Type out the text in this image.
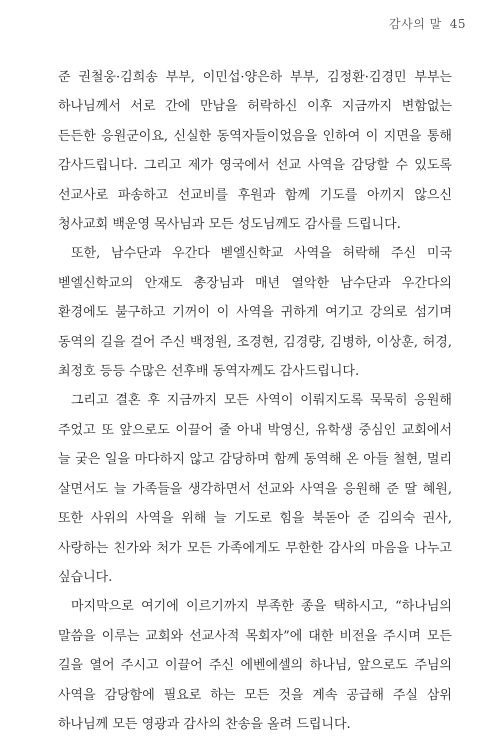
감사의 말 45

준 권철웅·김희송 부부, 이민섭·양은하 부부, 김정환·김경민 부부는 하나님께서 서로 간에 만남을 허락하신 이후 지금까지 변함없는 든든한 응원군이요, 신실한 동역자들이었음을 인하여 이 지면을 통해 감사드립니다. 그리고 제가 영국에서 선교 사역을 감당할 수 있도록 선교사로 파송하고 선교비를 후원과 함께 기도를 아끼지 않으신 청사교회 백운영 목사님과 모든 성도님께도 감사를 드립니다.

또한, 남수단과 우간다 벧엘신학교 사역을 허락해 주신 미국 벧엘신학교의 안재도 총장님과 매년 열악한 남수단과 우간다의 환경에도 불구하고 기꺼이 이 사역을 귀하게 여기고 강의로 섬기며 동역의 길을 걸어 주신 백정원, 조경현, 김경량, 김병하, 이상훈, 허경, 최정호 등등 수많은 선후배 동역자께도 감사드립니다.

그리고 결혼 후 지금까지 모든 사역이 이뤄지도록 묵묵히 응원해 주었고 또 앞으로도 이끌어 줄 아내 박영신, 유학생 중심인 교회에서 늘 궂은 일을 마다하지 않고 감당하며 함께 동역해 온 아들 철현, 멀리 살면서도 늘 가족들을 생각하면서 선교와 사역을 응원해 준 딸 혜원, 또한 사위의 사역을 위해 늘 기도로 힘을 북돋아 준 김의숙 권사, 사랑하는 친가와 처가 모든 가족에게도 무한한 감사의 마음을 나누고 싶습니다.

마지막으로 여기에 이르기까지 부족한 종을 택하시고, “하나님의 말씀을 이루는 교회와 선교사적 목회자”에 대한 비전을 주시며 모든 길을 열어 주시고 이끌어 주신 에벤에셀의 하나님, 앞으로도 주님의 사역을 감당함에 필요로 하는 모든 것을 계속 공급해 주실 삼위 하나님께 모든 영광과 감사의 찬송을 올려 드립니다.
